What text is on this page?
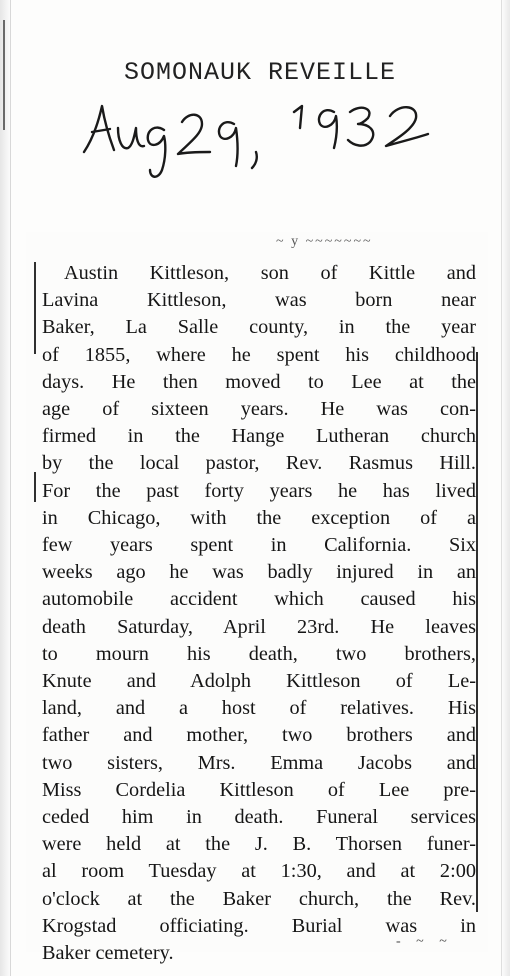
SOMONAUK REVEILLE
~ y ~~~~~~~
Austin Kittleson, son of Kittle and
Lavina Kittleson, was born near
Baker, La Salle county, in the year
of 1855, where he spent his childhood
days. He then moved to Lee at the
age of sixteen years. He was con-
firmed in the Hange Lutheran church
by the local pastor, Rev. Rasmus Hill.
For the past forty years he has lived
in Chicago, with the exception of a
few years spent in California. Six
weeks ago he was badly injured in an
automobile accident which caused his
death Saturday, April 23rd. He leaves
to mourn his death, two brothers,
Knute and Adolph Kittleson of Le-
land, and a host of relatives. His
father and mother, two brothers and
two sisters, Mrs. Emma Jacobs and
Miss Cordelia Kittleson of Lee pre-
ceded him in death. Funeral services
were held at the J. B. Thorsen funer-
al room Tuesday at 1:30, and at 2:00
o'clock at the Baker church, the Rev.
Krogstad officiating. Burial was in
Baker cemetery.
- ~ ~
